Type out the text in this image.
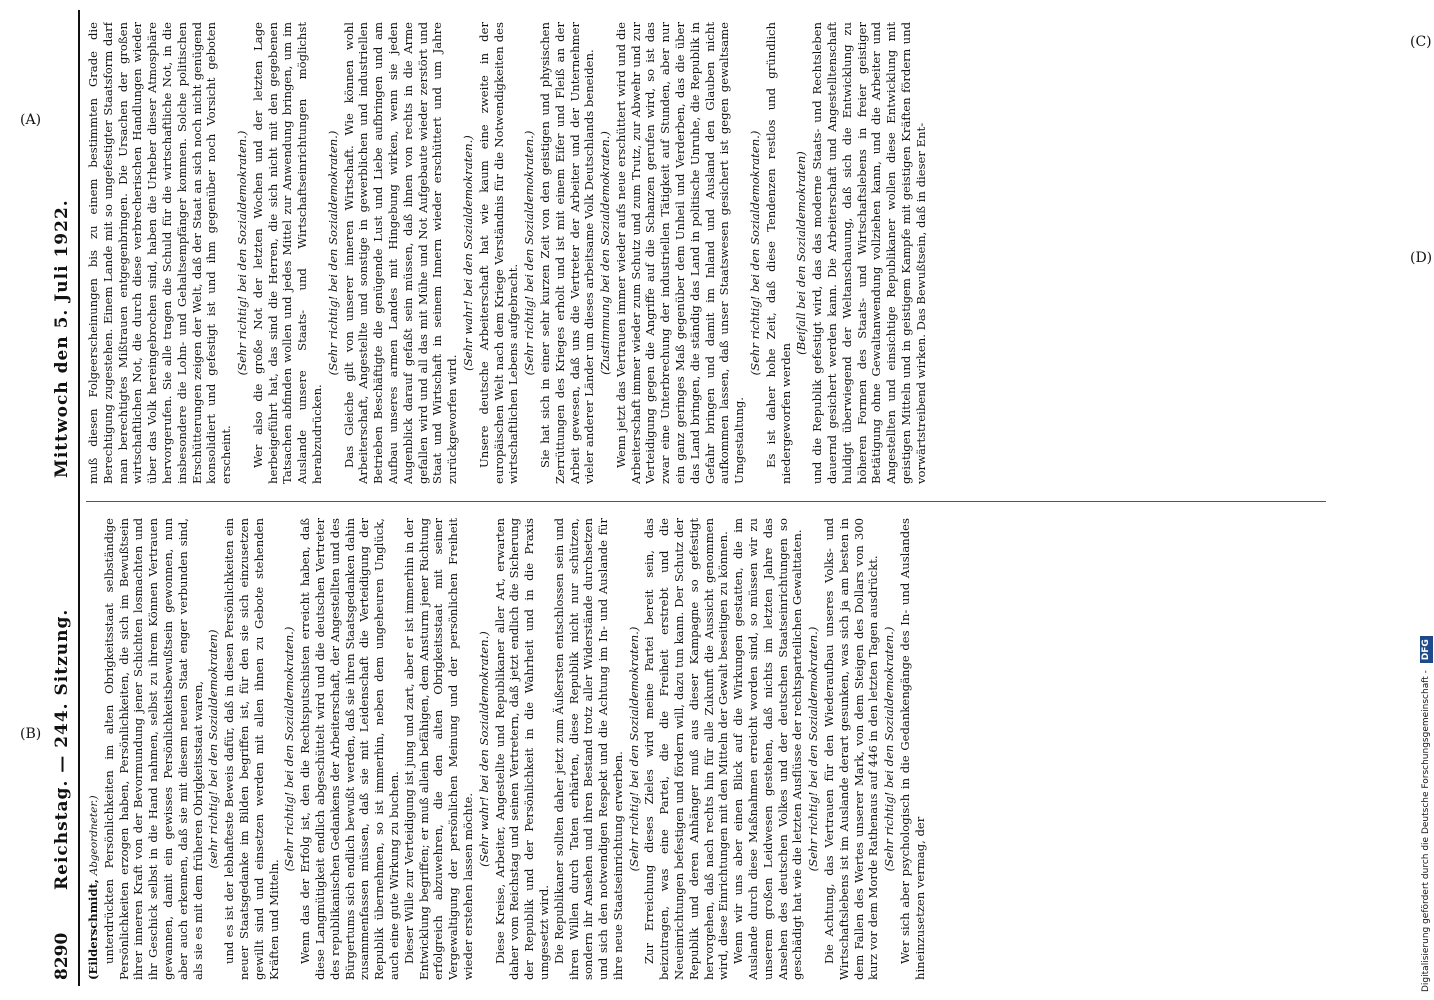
8290
Reichstag. — 244. Sitzung.
Mittwoch den 5. Juli 1922.

(Eilderschmidt, Abgeordneter.) unterdrückten Persönlichkeiten im alten Obrigkeitsstaat selbständige Persönlichkeiten erzogen haben, Persönlichkeiten, die sich im Bewußtsein ihrer inneren Kraft von der Bevormundung jener Schichten losmachten und ihr Geschick selbst in die Hand nahmen, selbst zu ihrem Können Vertrauen gewannen, damit ein gewisses Persönlichkeitsbewußtsein gewonnen, nun aber auch erkennen, daß sie mit diesem neuen Staat enger verbunden sind, als sie es mit dem früheren Obrigkeitsstaat waren, (sehr richtig! bei den Sozialdemokraten) und es ist der lebhafteste Beweis dafür, daß in diesen Persönlichkeiten ein neuer Staatsgedanke im Bilden begriffen ist, für den sie sich einzusetzen gewillt sind und einsetzen werden mit allen ihnen zu Gebote stehenden Kräften und Mitteln.

(Sehr richtig! bei den Sozialdemokraten.) Wenn das der Erfolg ist, den die Rechtsputschisten erreicht haben, daß diese Langmütigkeit endlich abgeschüttelt wird und die deutschen Vertreter des republikanischen Gedankens der Arbeiterschaft, der Angestellten und des Bürgertums sich endlich bewußt werden, daß sie ihren Staatsgedanken dahin zusammenfassen müssen, daß sie mit Leidenschaft die Verteidigung der Republik übernehmen, so ist immerhin, neben dem ungeheuren Unglück, auch eine gute Wirkung zu buchen. Dieser Wille zur Verteidigung ist jung und zart, aber er ist immerhin in der Entwicklung begriffen; er muß allein befähigen, dem Ansturm jener Richtung erfolgreich abzuwehren, die den alten Obrigkeitsstaat mit seiner Vergewaltigung der persönlichen Meinung und der persönlichen Freiheit wieder erstehen lassen möchte.

(Sehr wahr! bei den Sozialdemokraten.) Diese Kreise, Arbeiter, Angestellte und Republikaner aller Art, erwarten daher vom Reichstag und seinen Vertretern, daß jetzt endlich die Sicherung der Republik und der Persönlichkeit in die Wahrheit und in die Praxis umgesetzt wird. Die Republikaner sollten daher jetzt zum Äußersten entschlossen sein und ihren Willen durch Taten erhärten, diese Republik nicht nur schützen, sondern ihr Ansehen und ihren Bestand trotz aller Widerstände durchsetzen und sich den notwendigen Respekt und die Achtung im In- und Auslande für ihre neue Staatseinrichtung erwerben. (Sehr richtig! bei den Sozialdemokraten.) Zur Erreichung dieses Zieles wird meine Partei bereit sein, das beizutragen, was eine Partei, die die Freiheit erstrebt und die Neueinrichtungen befestigen und fördern will, dazu tun kann. Der Schutz der Republik und deren Anhänger muß aus dieser Kampagne so gefestigt hervorgehen, daß nach rechts hin für alle Zukunft die Aussicht genommen wird, diese Einrichtungen mit den Mitteln der Gewalt beseitigen zu können. Wenn wir uns aber einen Blick auf die Wirkungen gestatten, die im Auslande durch diese Maßnahmen erreicht worden sind, so müssen wir zu unserem großen Leidwesen gestehen, daß nichts im letzten Jahre das Ansehen des deutschen Volkes und der deutschen Staatseinrichtungen so geschädigt hat wie die letzten Ausflüsse der rechtsparteilichen Gewalttaten. (Sehr richtig! bei den Sozialdemokraten.) Die Achtung, das Vertrauen für den Wiederaufbau unseres Volks- und Wirtschaftslebens ist im Auslande derart gesunken, was sich ja am besten in dem Fallen des Wertes unserer Mark, von dem Steigen des Dollars von 300 kurz vor dem Morde Rathenaus auf 446 in den letzten Tagen ausdrückt. (Sehr richtig! bei den Sozialdemokraten.) Wer sich aber psychologisch in die Gedankengänge des In- und Auslandes hineinzusetzen vermag, der

muß diesen Folgeerscheinungen bis zu einem bestimmten Grade die Berechtigung zugestehen. Einem Lande mit so ungefestigter Staatsform darf man berechtigtes Mißtrauen entgegenbringen. Die Ursachen der großen wirtschaftlichen Not, die durch diese verbrecherischen Handlungen wieder über das Volk hereingebrochen sind, haben die Urheber dieser Atmosphäre hervorgerufen. Sie alle tragen die Schuld für die wirtschaftliche Not, in die insbesondere die Lohn- und Gehaltsempfänger kommen. Solche politischen Erschütterungen zeigen der Welt, daß der Staat an sich noch nicht genügend konsolidiert und gefestigt ist und ihm gegenüber noch Vorsicht geboten erscheint.

(Sehr richtig! bei den Sozialdemokraten.) Wer also die große Not der letzten Wochen und der letzten Lage herbeigeführt hat, das sind die Herren, die sich nicht mit den gegebenen Tatsachen abfinden wollen und jedes Mittel zur Anwendung bringen, um im Auslande unsere Staats- und Wirtschaftseinrichtungen möglichst herabzudrücken.

(Sehr richtig! bei den Sozialdemokraten.) Das Gleiche gilt von unserer inneren Wirtschaft. Wie können wohl Arbeiterschaft, Angestellte und sonstige in gewerblichen und industriellen Betrieben Beschäftigte die genügende Lust und Liebe aufbringen und am Aufbau unseres armen Landes mit Hingebung wirken, wenn sie jeden Augenblick darauf gefaßt sein müssen, daß ihnen von rechts in die Arme gefallen wird und all das mit Mühe und Not Aufgebaute wieder zerstört und Staat und Wirtschaft in seinem Innern wieder erschüttert und um Jahre zurückgeworfen wird.

(Sehr wahr! bei den Sozialdemokraten.) Unsere deutsche Arbeiterschaft hat wie kaum eine zweite in der europäischen Welt nach dem Kriege Verständnis für die Notwendigkeiten des wirtschaftlichen Lebens aufgebracht. (Sehr richtig! bei den Sozialdemokraten.) Sie hat sich in einer sehr kurzen Zeit von den geistigen und physischen Zerrüttungen des Krieges erholt und ist mit einem Eifer und Fleiß an der Arbeit gewesen, daß uns die Vertreter der Arbeiter und der Unternehmer vieler anderer Länder um dieses arbeitsame Volk Deutschlands beneiden. (Zustimmung bei den Sozialdemokraten.) Wenn jetzt das Vertrauen immer wieder aufs neue erschüttert wird und die Arbeiterschaft immer wieder zum Schutz und zum Trutz, zur Abwehr und zur Verteidigung gegen die Angriffe auf die Schanzen gerufen wird, so ist das zwar eine Unterbrechung der industriellen Tätigkeit auf Stunden, aber nur ein ganz geringes Maß gegenüber dem Unheil und Verderben, das die über das Land bringen, die ständig das Land in politische Unruhe, die Republik in Gefahr bringen und damit im Inland und Ausland den Glauben nicht aufkommen lassen, daß unser Staatswesen gesichert ist gegen gewaltsame Umgestaltung.

(Sehr richtig! bei den Sozialdemokraten.) Es ist daher hohe Zeit, daß diese Tendenzen restlos und gründlich niedergeworfen werden

(Beifall bei den Sozialdemokraten) und die Republik gefestigt wird, das das moderne Staats- und Rechtsleben dauernd gesichert werden kann. Die Arbeiterschaft und Angestelltenschaft huldigt überwiegend der Weltanschauung, daß sich die Entwicklung zu höheren Formen des Staats- und Wirtschaftslebens in freier geistiger Betätigung ohne Gewaltanwendung vollziehen kann, und die Arbeiter und Angestellten und einsichtige Republikaner wollen diese Entwicklung mit geistigen Mitteln und in geistigem Kampfe mit geistigen Kräften fördern und vorwärtstreibend wirken. Das Bewußtsein, daß in dieser Ent-

(A)
(B)
(C)
(D)
Digitalisierung gefördert durch die Deutsche Forschungsgemeinschaft - DFG
